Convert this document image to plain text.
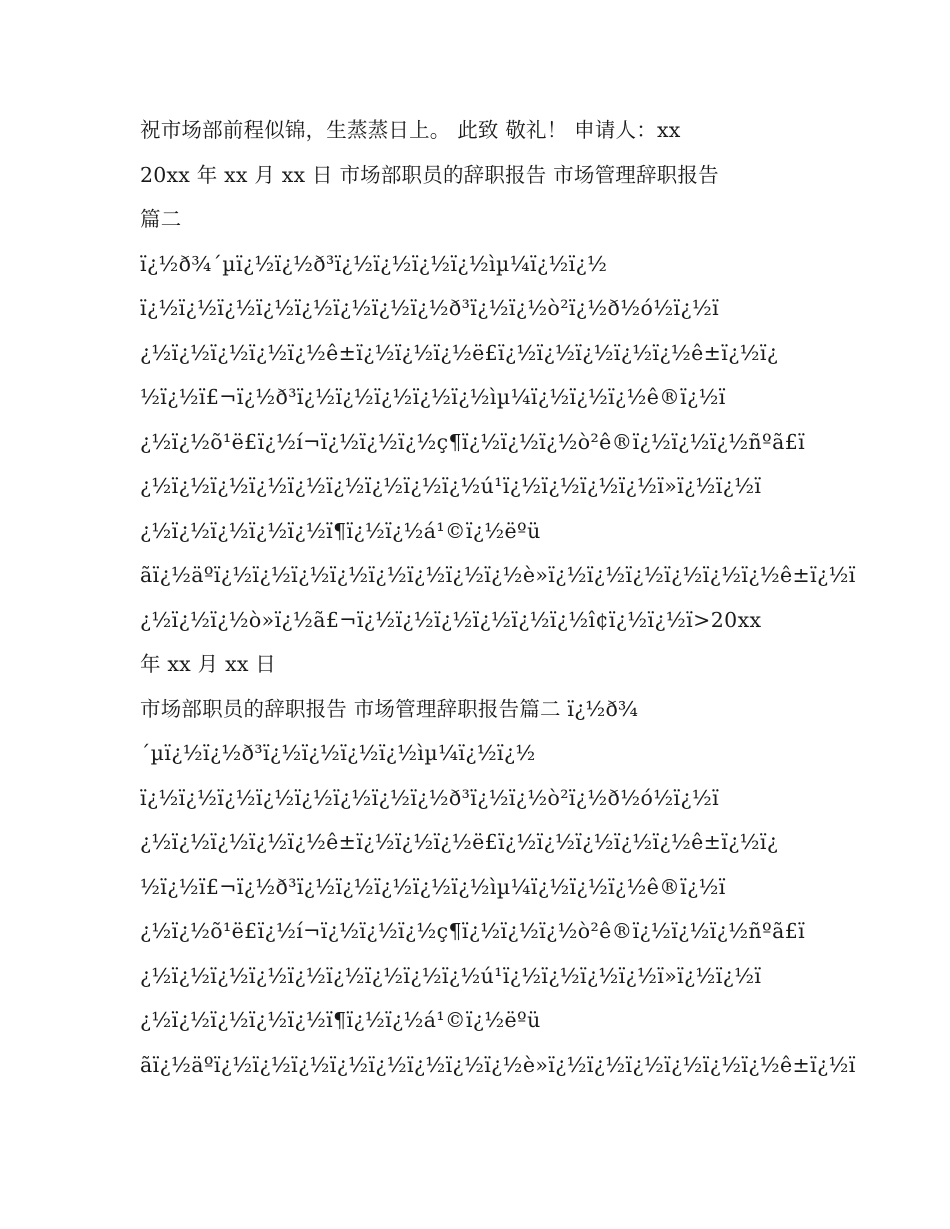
祝市场部前程似锦，生蒸蒸日上。 此致 敬礼！ 申请人：xx
20xx 年 xx 月 xx 日 市场部职员的辞职报告 市场管理辞职报告
篇二
ï¿½ð¾´µï¿½ï¿½ð³ï¿½ï¿½ï¿½ï¿½ìµ¼ï¿½ï¿½
ï¿½ï¿½ï¿½ï¿½ï¿½ï¿½ï¿½ï¿½ð³ï¿½ï¿½ò²ï¿½ð½ó½ï¿½ï
¿½ï¿½ï¿½ï¿½ï¿½ê±ï¿½ï¿½ï¿½ë£ï¿½ï¿½ï¿½ï¿½ï¿½ê±ï¿½ï¿
½ï¿½ï£¬ï¿½ð³ï¿½ï¿½ï¿½ï¿½ï¿½ìµ¼ï¿½ï¿½ï¿½ê®ï¿½ï
¿½ï¿½õ¹ë£ï¿½í¬ï¿½ï¿½ï¿½ç¶ï¿½ï¿½ï¿½ò²ê®ï¿½ï¿½ï¿½ñºã£ï
¿½ï¿½ï¿½ï¿½ï¿½ï¿½ï¿½ï¿½ï¿½ú¹ï¿½ï¿½ï¿½ï¿½ï»ï¿½ï¿½ï
¿½ï¿½ï¿½ï¿½ï¿½ï¶ï¿½ï¿½á¹©ï¿½ëºü
ãï¿½äºï¿½ï¿½ï¿½ï¿½ï¿½ï¿½ï¿½ï¿½è»ï¿½ï¿½ï¿½ï¿½ï¿½ï¿½ê±ï¿½ï
¿½ï¿½ï¿½ò»ï¿½ã£¬ï¿½ï¿½ï¿½ï¿½ï¿½ï¿½î¢ï¿½ï¿½ï>20xx
年 xx 月 xx 日
市场部职员的辞职报告 市场管理辞职报告篇二 ï¿½ð¾
´µï¿½ï¿½ð³ï¿½ï¿½ï¿½ï¿½ìµ¼ï¿½ï¿½
ï¿½ï¿½ï¿½ï¿½ï¿½ï¿½ï¿½ï¿½ð³ï¿½ï¿½ò²ï¿½ð½ó½ï¿½ï
¿½ï¿½ï¿½ï¿½ï¿½ê±ï¿½ï¿½ï¿½ë£ï¿½ï¿½ï¿½ï¿½ï¿½ê±ï¿½ï¿
½ï¿½ï£¬ï¿½ð³ï¿½ï¿½ï¿½ï¿½ï¿½ìµ¼ï¿½ï¿½ï¿½ê®ï¿½ï
¿½ï¿½õ¹ë£ï¿½í¬ï¿½ï¿½ï¿½ç¶ï¿½ï¿½ï¿½ò²ê®ï¿½ï¿½ï¿½ñºã£ï
¿½ï¿½ï¿½ï¿½ï¿½ï¿½ï¿½ï¿½ï¿½ú¹ï¿½ï¿½ï¿½ï¿½ï»ï¿½ï¿½ï
¿½ï¿½ï¿½ï¿½ï¿½ï¶ï¿½ï¿½á¹©ï¿½ëºü
ãï¿½äºï¿½ï¿½ï¿½ï¿½ï¿½ï¿½ï¿½ï¿½è»ï¿½ï¿½ï¿½ï¿½ï¿½ï¿½ê±ï¿½ï
